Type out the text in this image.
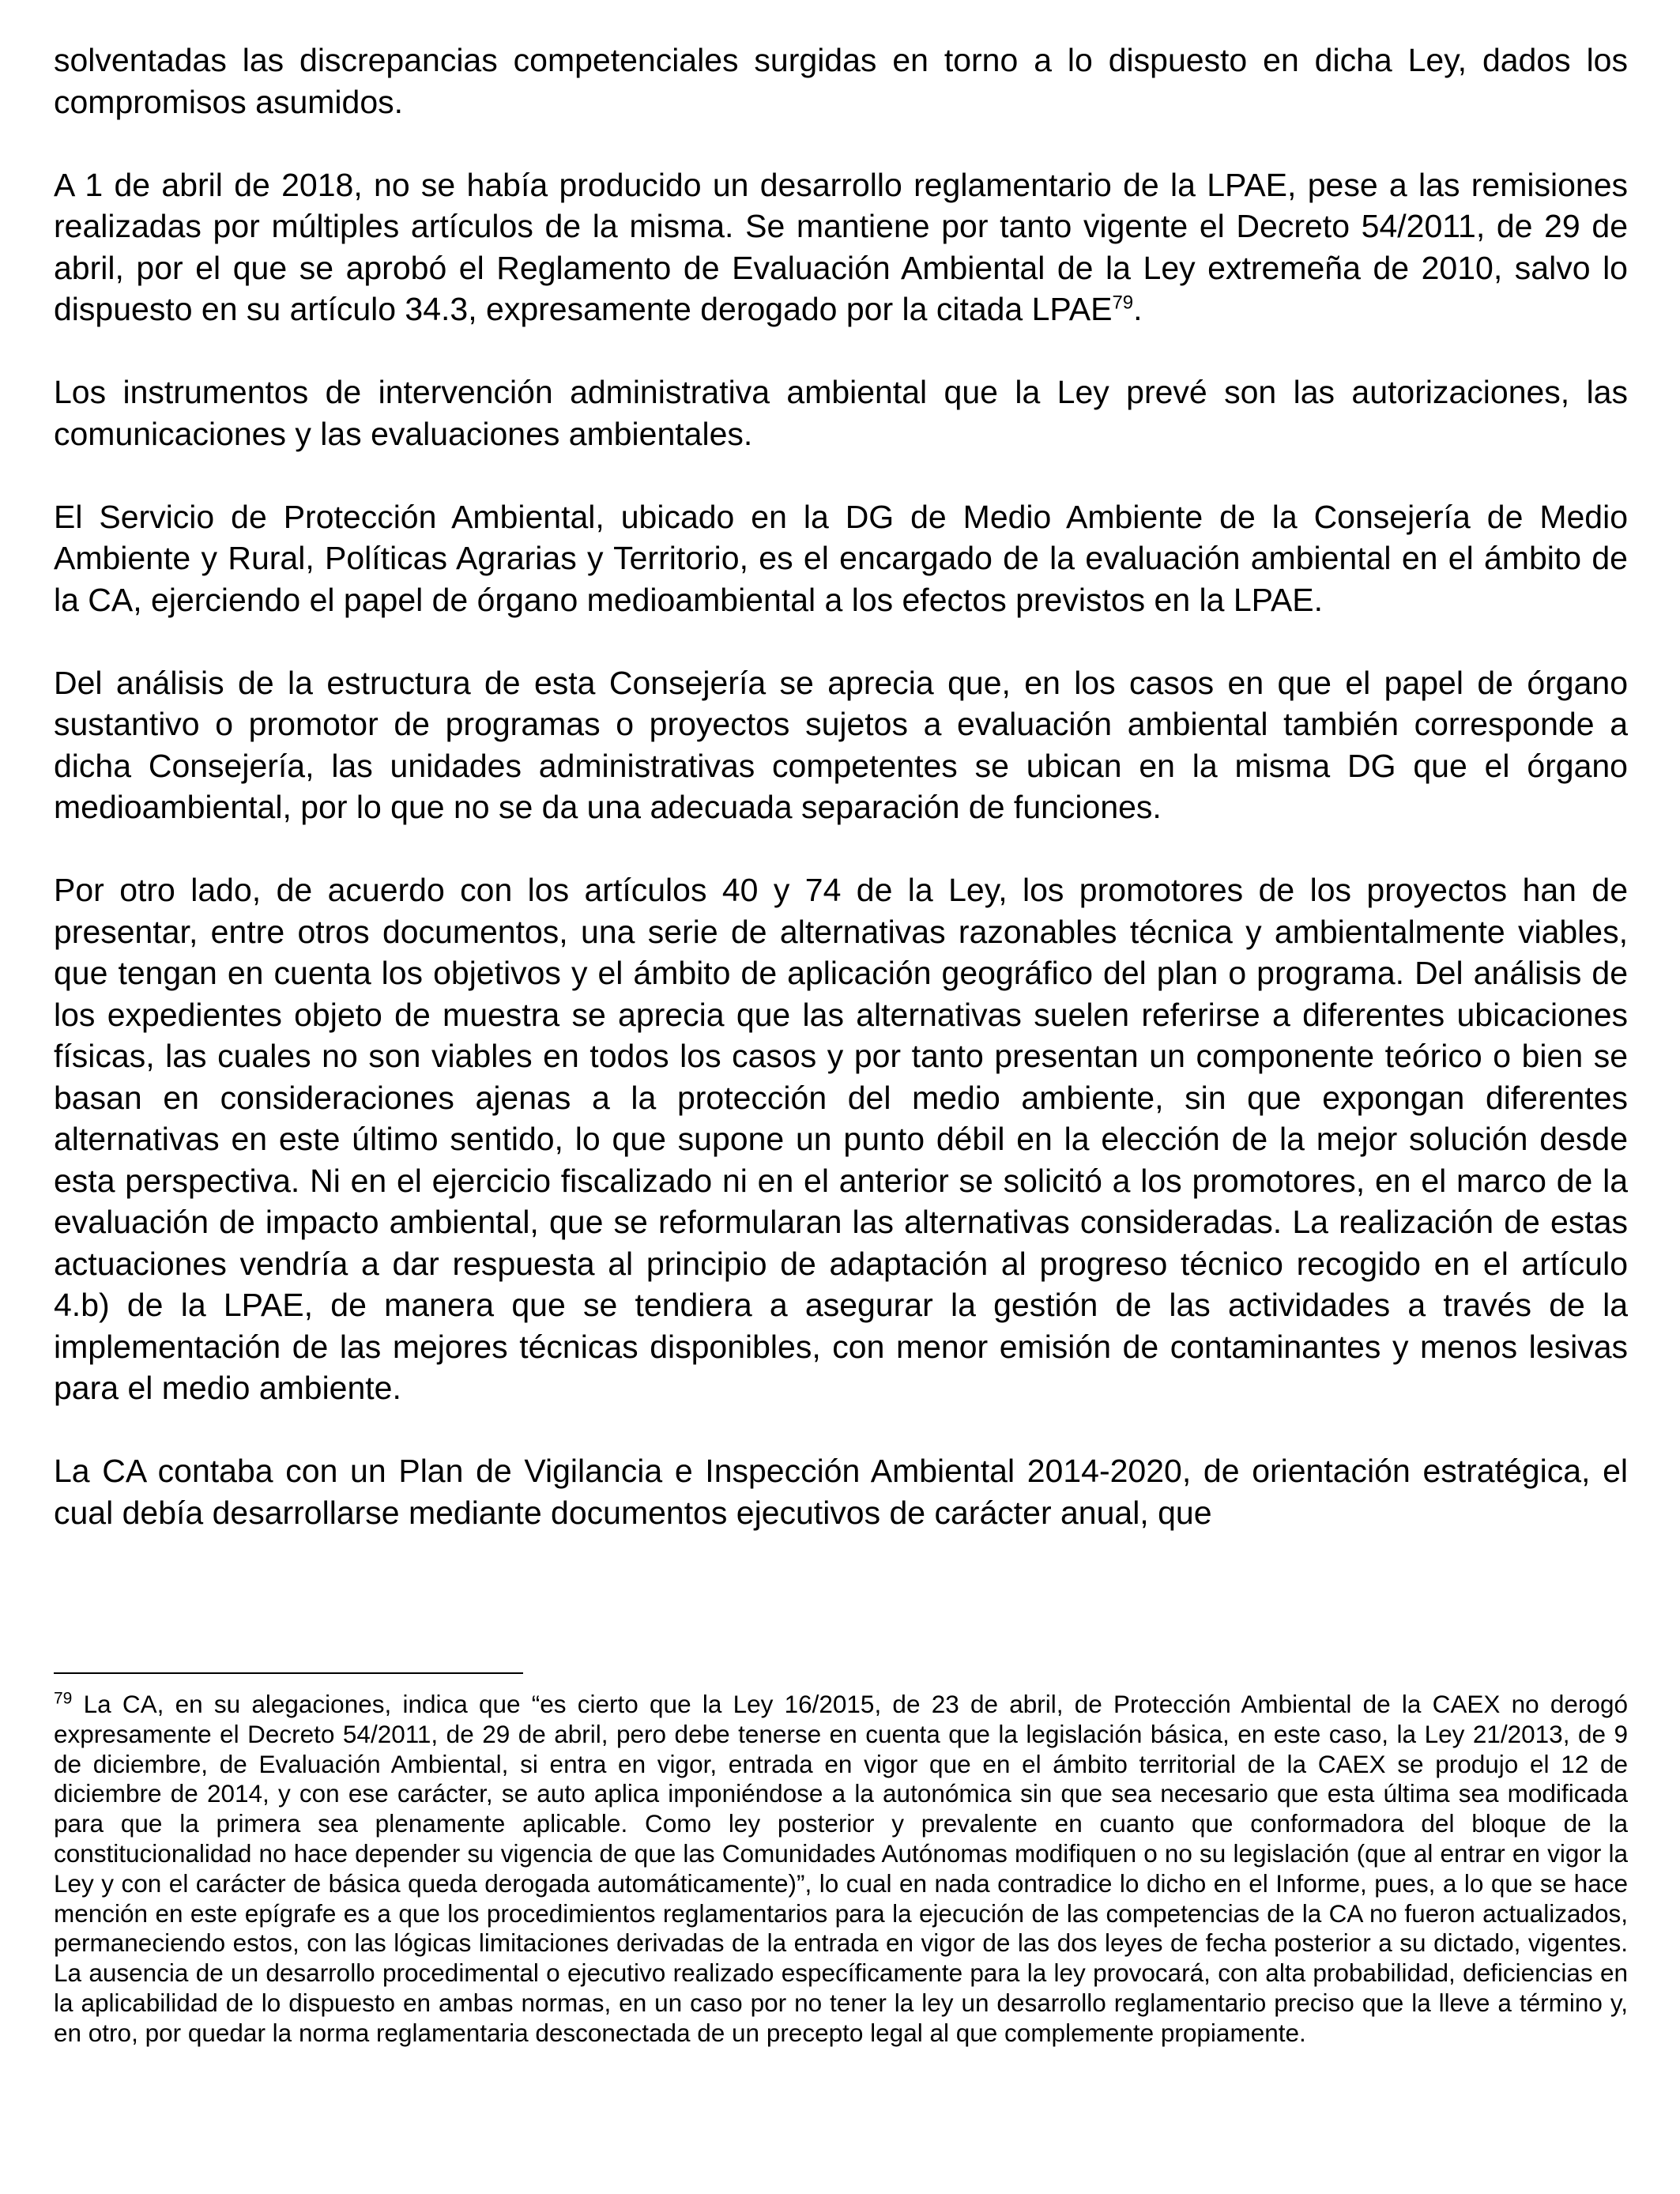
solventadas las discrepancias competenciales surgidas en torno a lo dispuesto en dicha Ley, dados los compromisos asumidos.

A 1 de abril de 2018, no se había producido un desarrollo reglamentario de la LPAE, pese a las remisiones realizadas por múltiples artículos de la misma. Se mantiene por tanto vigente el Decreto 54/2011, de 29 de abril, por el que se aprobó el Reglamento de Evaluación Ambiental de la Ley extremeña de 2010, salvo lo dispuesto en su artículo 34.3, expresamente derogado por la citada LPAE$^{79}$.

Los instrumentos de intervención administrativa ambiental que la Ley prevé son las autorizaciones, las comunicaciones y las evaluaciones ambientales.

El Servicio de Protección Ambiental, ubicado en la DG de Medio Ambiente de la Consejería de Medio Ambiente y Rural, Políticas Agrarias y Territorio, es el encargado de la evaluación ambiental en el ámbito de la CA, ejerciendo el papel de órgano medioambiental a los efectos previstos en la LPAE.

Del análisis de la estructura de esta Consejería se aprecia que, en los casos en que el papel de órgano sustantivo o promotor de programas o proyectos sujetos a evaluación ambiental también corresponde a dicha Consejería, las unidades administrativas competentes se ubican en la misma DG que el órgano medioambiental, por lo que no se da una adecuada separación de funciones.

Por otro lado, de acuerdo con los artículos 40 y 74 de la Ley, los promotores de los proyectos han de presentar, entre otros documentos, una serie de alternativas razonables técnica y ambientalmente viables, que tengan en cuenta los objetivos y el ámbito de aplicación geográfico del plan o programa. Del análisis de los expedientes objeto de muestra se aprecia que las alternativas suelen referirse a diferentes ubicaciones físicas, las cuales no son viables en todos los casos y por tanto presentan un componente teórico o bien se basan en consideraciones ajenas a la protección del medio ambiente, sin que expongan diferentes alternativas en este último sentido, lo que supone un punto débil en la elección de la mejor solución desde esta perspectiva. Ni en el ejercicio fiscalizado ni en el anterior se solicitó a los promotores, en el marco de la evaluación de impacto ambiental, que se reformularan las alternativas consideradas. La realización de estas actuaciones vendría a dar respuesta al principio de adaptación al progreso técnico recogido en el artículo 4.b) de la LPAE, de manera que se tendiera a asegurar la gestión de las actividades a través de la implementación de las mejores técnicas disponibles, con menor emisión de contaminantes y menos lesivas para el medio ambiente.

La CA contaba con un Plan de Vigilancia e Inspección Ambiental 2014-2020, de orientación estratégica, el cual debía desarrollarse mediante documentos ejecutivos de carácter anual, que

$^{79}$ La CA, en su alegaciones, indica que “es cierto que la Ley 16/2015, de 23 de abril, de Protección Ambiental de la CAEX no derogó expresamente el Decreto 54/2011, de 29 de abril, pero debe tenerse en cuenta que la legislación básica, en este caso, la Ley 21/2013, de 9 de diciembre, de Evaluación Ambiental, si entra en vigor, entrada en vigor que en el ámbito territorial de la CAEX se produjo el 12 de diciembre de 2014, y con ese carácter, se auto aplica imponiéndose a la autonómica sin que sea necesario que esta última sea modificada para que la primera sea plenamente aplicable. Como ley posterior y prevalente en cuanto que conformadora del bloque de la constitucionalidad no hace depender su vigencia de que las Comunidades Autónomas modifiquen o no su legislación (que al entrar en vigor la Ley y con el carácter de básica queda derogada automáticamente)”, lo cual en nada contradice lo dicho en el Informe, pues, a lo que se hace mención en este epígrafe es a que los procedimientos reglamentarios para la ejecución de las competencias de la CA no fueron actualizados, permaneciendo estos, con las lógicas limitaciones derivadas de la entrada en vigor de las dos leyes de fecha posterior a su dictado, vigentes. La ausencia de un desarrollo procedimental o ejecutivo realizado específicamente para la ley provocará, con alta probabilidad, deficiencias en la aplicabilidad de lo dispuesto en ambas normas, en un caso por no tener la ley un desarrollo reglamentario preciso que la lleve a término y, en otro, por quedar la norma reglamentaria desconectada de un precepto legal al que complemente propiamente.
